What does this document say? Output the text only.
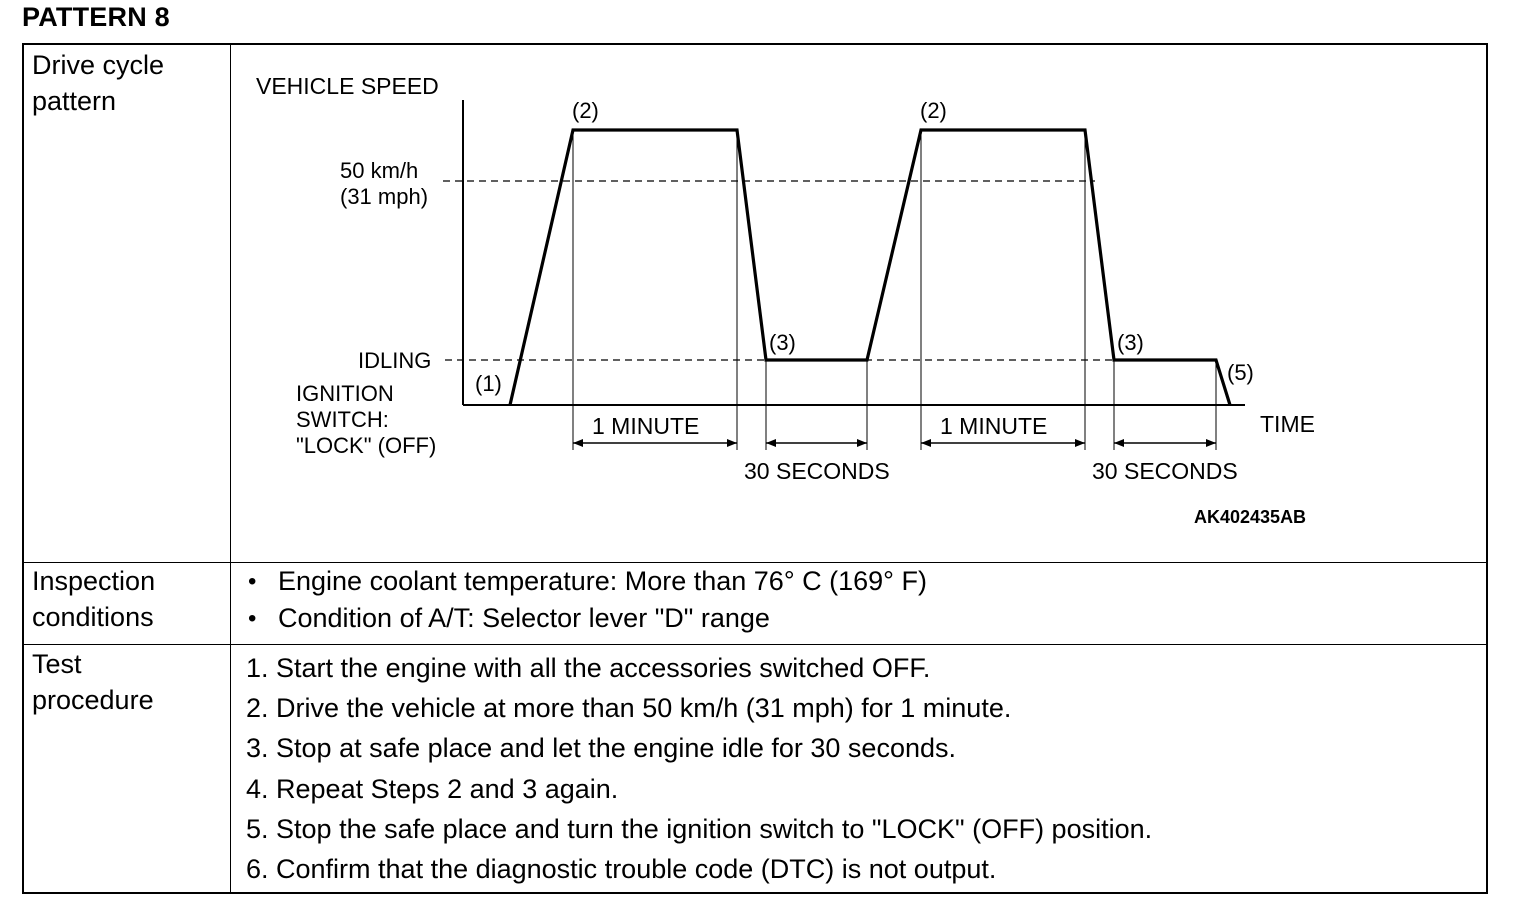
PATTERN 8
Drive cycle
pattern
Inspection
conditions
Test
procedure
• Engine coolant temperature: More than 76° C (169° F)
• Condition of A/T: Selector lever "D" range
1. Start the engine with all the accessories switched OFF.
2. Drive the vehicle at more than 50 km/h (31 mph) for 1 minute.
3. Stop at safe place and let the engine idle for 30 seconds.
4. Repeat Steps 2 and 3 again.
5. Stop the safe place and turn the ignition switch to "LOCK" (OFF) position.
6. Confirm that the diagnostic trouble code (DTC) is not output.
VEHICLE SPEED
TIME
50 km/h
(31 mph)
IDLING
IGNITION
SWITCH:
"LOCK" (OFF)
(1)
(2)
(3)
(2)
(3)
(5)
1 MINUTE
30 SECONDS
1 MINUTE
30 SECONDS
AK402435AB
